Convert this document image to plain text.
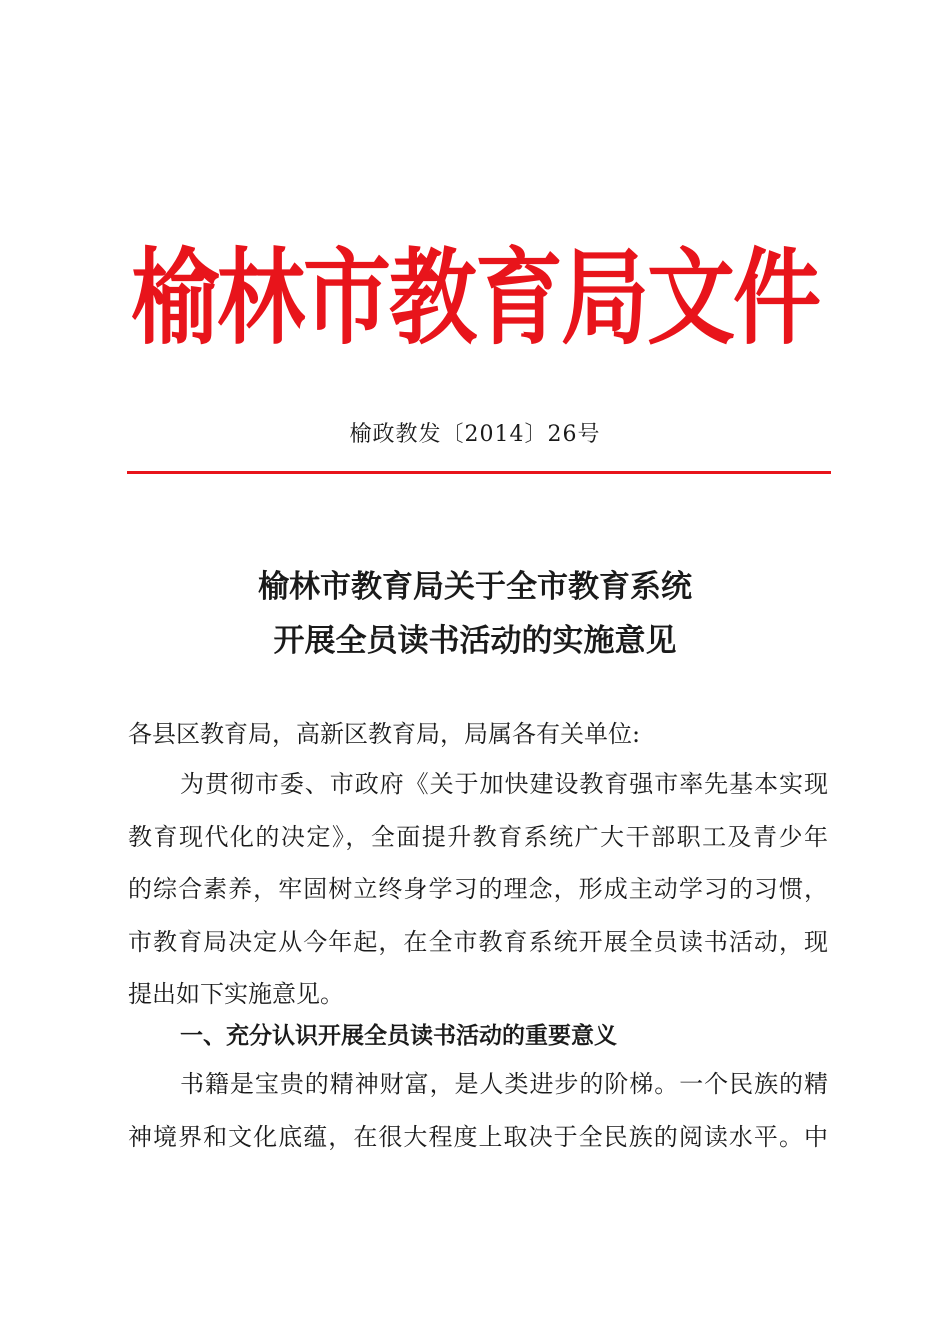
榆林市教育局文件
榆政教发〔2014〕26号
榆林市教育局关于全市教育系统
开展全员读书活动的实施意见
各县区教育局，高新区教育局，局属各有关单位:
为贯彻市委、市政府《关于加快建设教育强市率先基本实现
教育现代化的决定》，全面提升教育系统广大干部职工及青少年
的综合素养，牢固树立终身学习的理念，形成主动学习的习惯，
市教育局决定从今年起，在全市教育系统开展全员读书活动，现
提出如下实施意见。
一、充分认识开展全员读书活动的重要意义
书籍是宝贵的精神财富，是人类进步的阶梯。一个民族的精
神境界和文化底蕴，在很大程度上取决于全民族的阅读水平。中
